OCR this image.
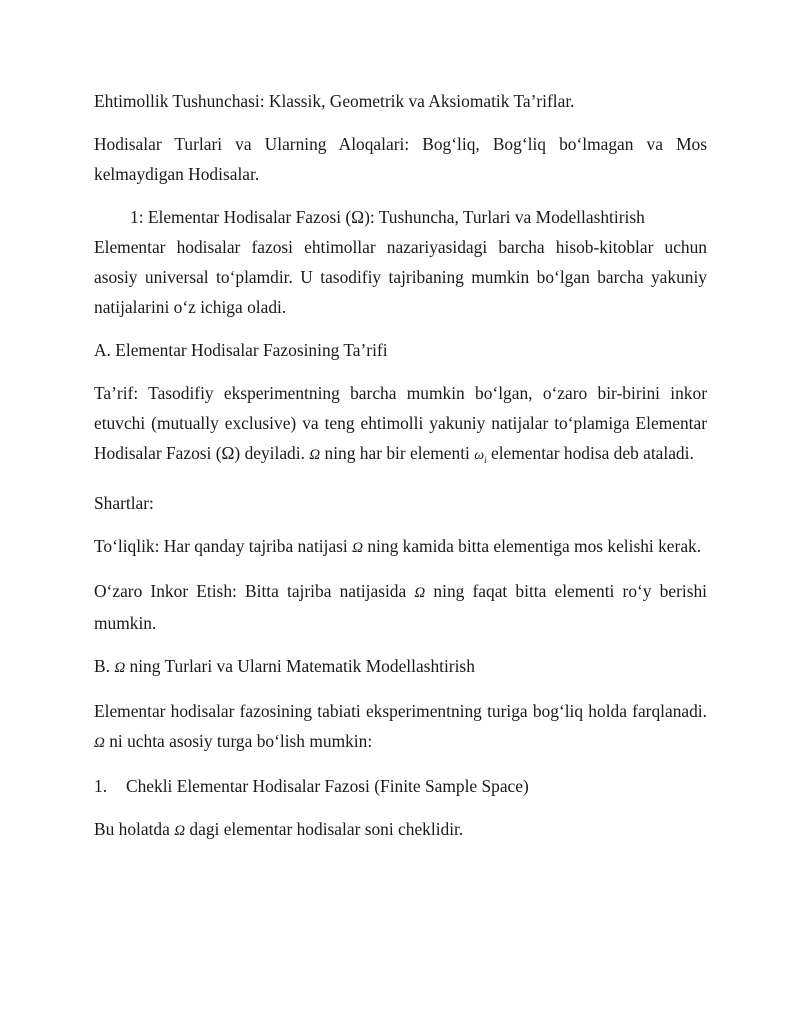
Ehtimollik Tushunchasi: Klassik, Geometrik va Aksiomatik Ta’riflar.

Hodisalar Turlari va Ularning Aloqalari: Bog‘liq, Bog‘liq bo‘lmagan va Mos kelmaydigan Hodisalar.

1: Elementar Hodisalar Fazosi (Ω): Tushuncha, Turlari va Modellashtirish

Elementar hodisalar fazosi ehtimollar nazariyasidagi barcha hisob-kitoblar uchun asosiy universal to‘plamdir. U tasodifiy tajribaning mumkin bo‘lgan barcha yakuniy natijalarini o‘z ichiga oladi.

A. Elementar Hodisalar Fazosining Ta’rifi

Ta’rif: Tasodifiy eksperimentning barcha mumkin bo‘lgan, o‘zaro bir-birini inkor etuvchi (mutually exclusive) va teng ehtimolli yakuniy natijalar to‘plamiga Elementar Hodisalar Fazosi (Ω) deyiladi. Ω ning har bir elementi $\omega_i$ elementar hodisa deb ataladi.

Shartlar:

To‘liqlik: Har qanday tajriba natijasi Ω ning kamida bitta elementiga mos kelishi kerak.

O‘zaro Inkor Etish: Bitta tajriba natijasida Ω ning faqat bitta elementi ro‘y berishi mumkin.

B. Ω ning Turlari va Ularni Matematik Modellashtirish

Elementar hodisalar fazosining tabiati eksperimentning turiga bog‘liq holda farqlanadi. Ω ni uchta asosiy turga bo‘lish mumkin:

1. Chekli Elementar Hodisalar Fazosi (Finite Sample Space)

Bu holatda Ω dagi elementar hodisalar soni cheklidir.
